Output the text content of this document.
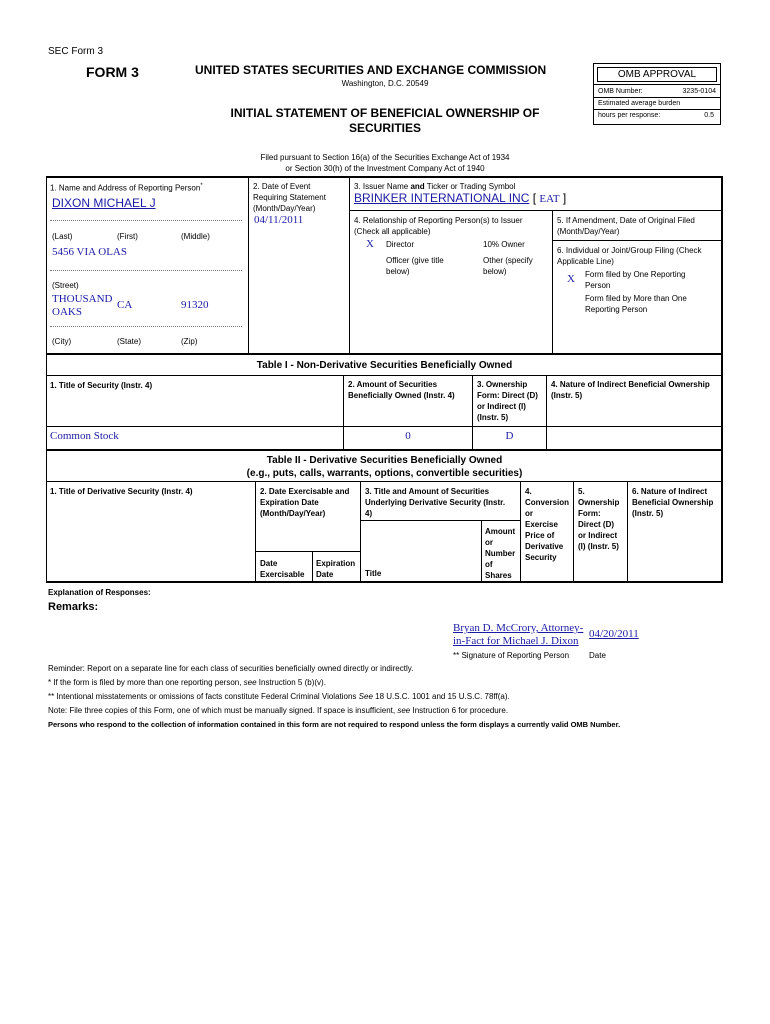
SEC Form 3
FORM 3	UNITED STATES SECURITIES AND EXCHANGE COMMISSION
Washington, D.C. 20549
INITIAL STATEMENT OF BENEFICIAL OWNERSHIP OF
SECURITIES
Filed pursuant to Section 16(a) of the Securities Exchange Act of 1934
or Section 30(h) of the Investment Company Act of 1940
OMB APPROVAL
OMB Number:	3235-0104
Estimated average burden
hours per response:	0.5
1. Name and Address of Reporting Person*
DIXON MICHAEL J
(Last)	(First)	(Middle)
5456 VIA OLAS
(Street)
THOUSAND
OAKS
CA	91320
(City)	(State)	(Zip)
2. Date of Event
Requiring Statement
(Month/Day/Year)
04/11/2011
3. Issuer Name and Ticker or Trading Symbol
BRINKER INTERNATIONAL INC [ EAT ]
4. Relationship of Reporting Person(s) to Issuer
(Check all applicable)
X Director	10% Owner
Officer (give title
below)
Other (specify
below)
5. If Amendment, Date of Original Filed
(Month/Day/Year)
6. Individual or Joint/Group Filing (Check
Applicable Line)
X Form filed by One Reporting
Person
Form filed by More than One
Reporting Person
Table I - Non-Derivative Securities Beneficially Owned
1. Title of Security (Instr. 4)	2. Amount of Securities
Beneficially Owned (Instr. 4)
3. Ownership
Form: Direct (D)
or Indirect (I)
(Instr. 5)
4. Nature of Indirect Beneficial Ownership
(Instr. 5)
Common Stock	0	D
Table II - Derivative Securities Beneficially Owned
(e.g., puts, calls, warrants, options, convertible securities)
1. Title of Derivative Security (Instr. 4)	2. Date Exercisable and
Expiration Date
(Month/Day/Year)
Date
Exercisable
Expiration
Date
3. Title and Amount of Securities
Underlying Derivative Security (Instr.
4)
Title
Amount
or
Number
of
Shares
4.
Conversion
or
Exercise
Price of
Derivative
Security
5.
Ownership
Form:
Direct (D)
or Indirect
(I) (Instr. 5)
6. Nature of Indirect
Beneficial Ownership
(Instr. 5)
Explanation of Responses:
Remarks:
Bryan D. McCrory, Attorney-
in-Fact for Michael J. Dixon
04/20/2011
** Signature of Reporting Person Date
Reminder: Report on a separate line for each class of securities beneficially owned directly or indirectly.
* If the form is filed by more than one reporting person, see Instruction 5 (b)(v).
** Intentional misstatements or omissions of facts constitute Federal Criminal Violations See 18 U.S.C. 1001 and 15 U.S.C. 78ff(a).
Note: File three copies of this Form, one of which must be manually signed. If space is insufficient, see Instruction 6 for procedure.
Persons who respond to the collection of information contained in this form are not required to respond unless the form displays a currently valid OMB Number.
